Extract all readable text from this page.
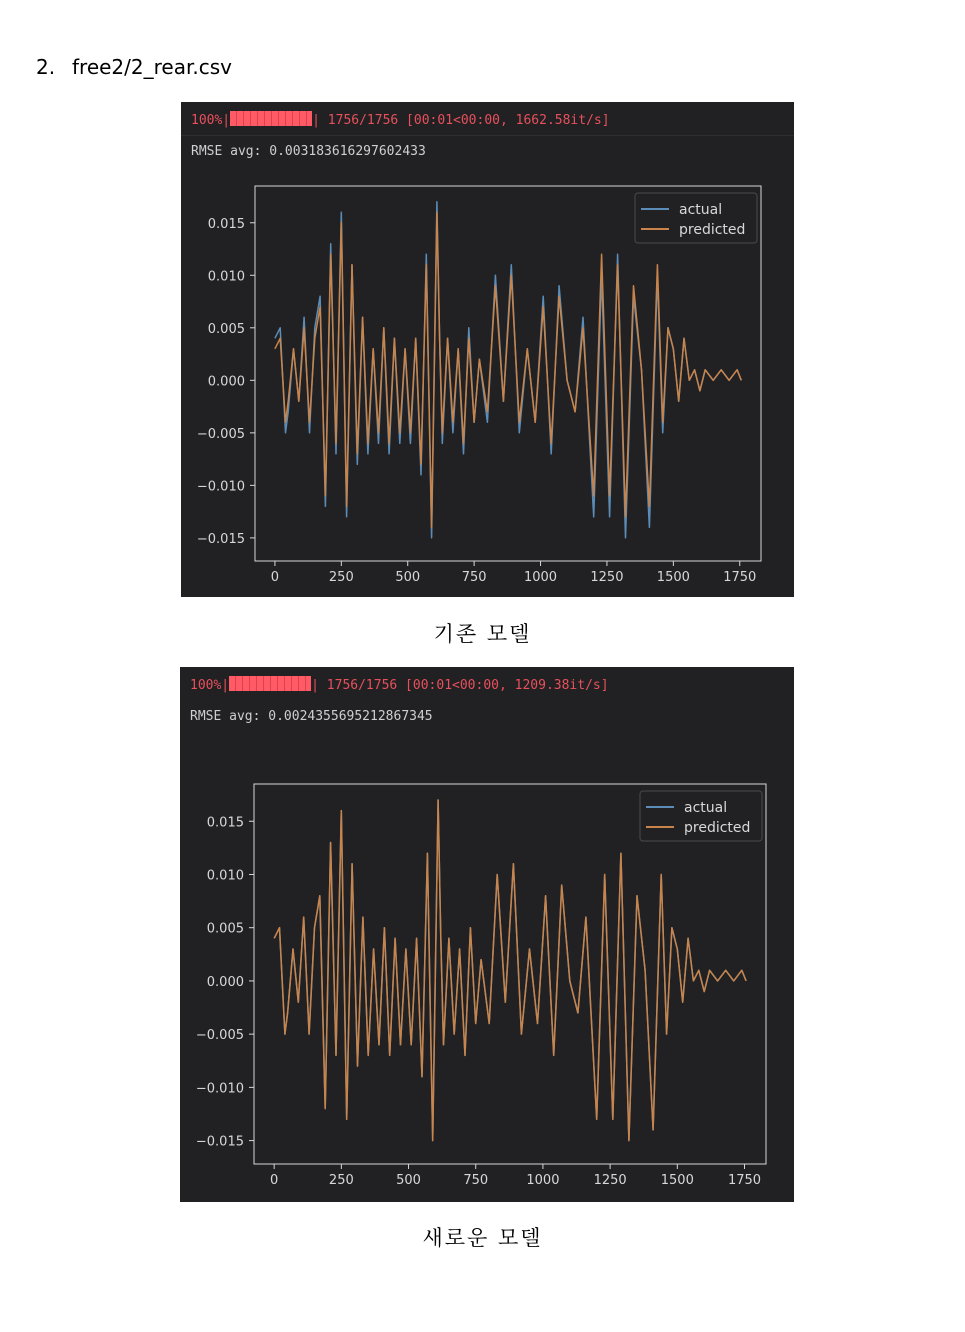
2. free2/2_rear.csv
100%|	| 1756/1756 [00:01<00:00, 1662.58it/s]
RMSE avg: 0.003183616297602433
0	250	500	750	1000	1250	1500	1750
0.015
0.010
0.005
0.000
−0.005
−0.010
−0.015
actual
predicted
기존 모델
100%|	| 1756/1756 [00:01<00:00, 1209.38it/s]
RMSE avg: 0.0024355695212867345
0	250	500	750	1000	1250	1500	1750
0.015
0.010
0.005
0.000
−0.005
−0.010
−0.015
actual
predicted
새로운 모델
